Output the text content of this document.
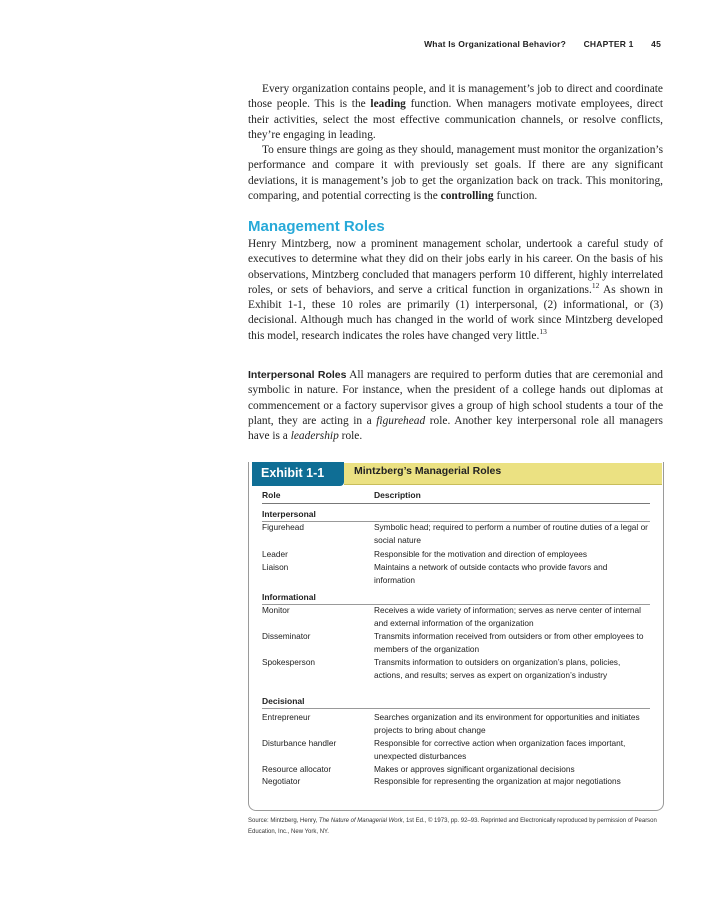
What Is Organizational Behavior? CHAPTER 1 45

Every organization contains people, and it is management’s job to direct and coordinate those people. This is the leading function. When managers motivate employees, direct their activities, select the most effective communication channels, or resolve conflicts, they’re engaging in leading.

To ensure things are going as they should, management must monitor the organization’s performance and compare it with previously set goals. If there are any significant deviations, it is management’s job to get the organization back on track. This monitoring, comparing, and potential correcting is the controlling function.

Management Roles

Henry Mintzberg, now a prominent management scholar, undertook a careful study of executives to determine what they did on their jobs early in his career. On the basis of his observations, Mintzberg concluded that managers perform 10 different, highly interrelated roles, or sets of behaviors, and serve a critical function in organizations.$^{12}$ As shown in Exhibit 1-1, these 10 roles are primarily (1) interpersonal, (2) informational, or (3) decisional. Although much has changed in the world of work since Mintzberg developed this model, research indicates the roles have changed very little.$^{13}$

Interpersonal Roles All managers are required to perform duties that are ceremonial and symbolic in nature. For instance, when the president of a college hands out diplomas at commencement or a factory supervisor gives a group of high school students a tour of the plant, they are acting in a figurehead role. Another key interpersonal role all managers have is a leadership role.

Exhibit 1-1	Mintzberg’s Managerial Roles
Role	Description
Interpersonal
Figurehead	Symbolic head; required to perform a number of routine duties of a legal or social nature
Leader	Responsible for the motivation and direction of employees
Liaison	Maintains a network of outside contacts who provide favors and information
Informational
Monitor	Receives a wide variety of information; serves as nerve center of internal and external information of the organization
Disseminator	Transmits information received from outsiders or from other employees to members of the organization
Spokesperson	Transmits information to outsiders on organization’s plans, policies, actions, and results; serves as expert on organization’s industry
Decisional
Entrepreneur	Searches organization and its environment for opportunities and initiates projects to bring about change
Disturbance handler	Responsible for corrective action when organization faces important, unexpected disturbances
Resource allocator	Makes or approves significant organizational decisions
Negotiator	Responsible for representing the organization at major negotiations
Source: Mintzberg, Henry, The Nature of Managerial Work, 1st Ed., © 1973, pp. 92–93. Reprinted and Electronically reproduced by permission of Pearson Education, Inc., New York, NY.
